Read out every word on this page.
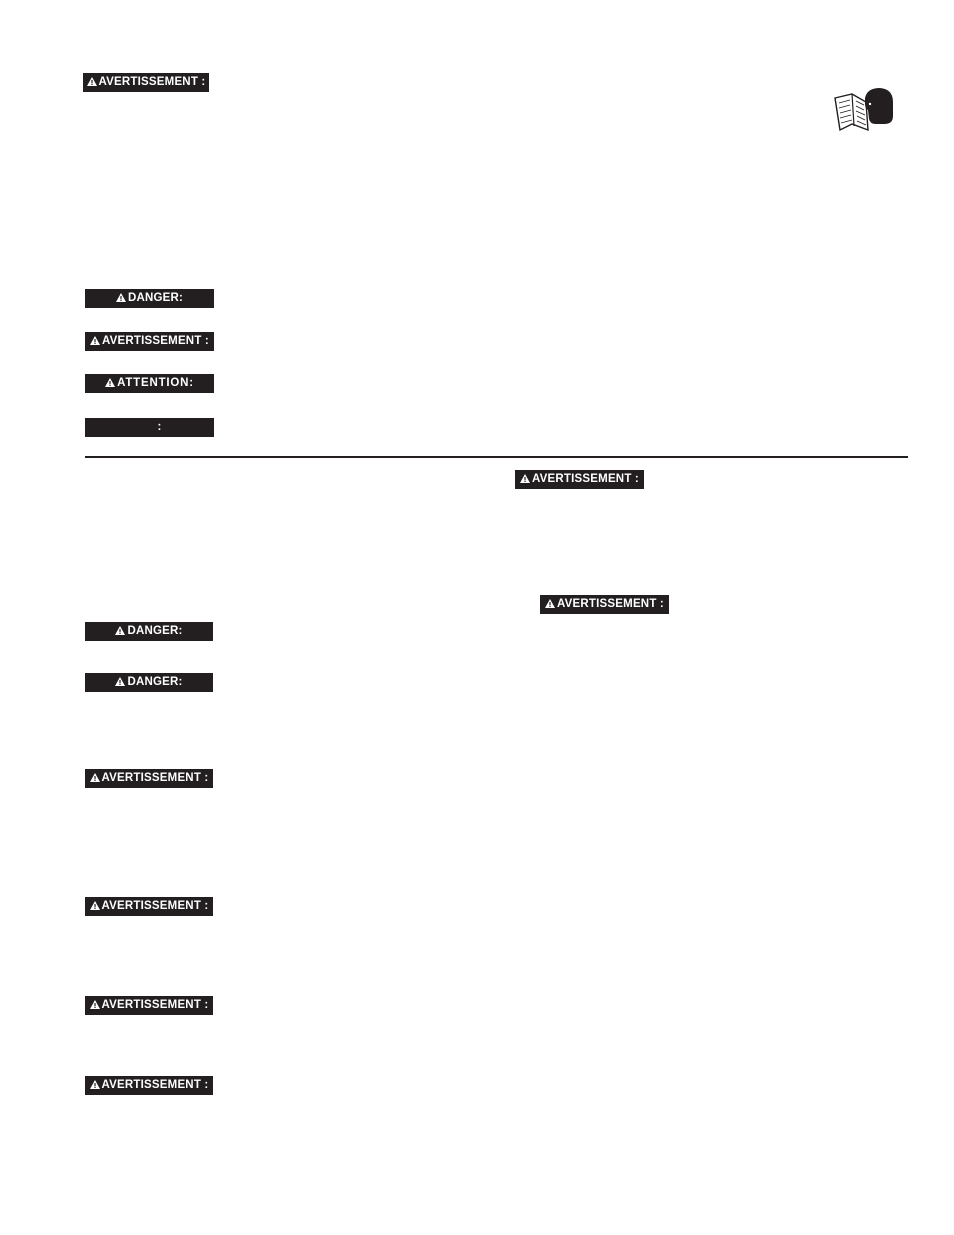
AVERTISSEMENT :
DANGER:
AVERTISSEMENT :
ATTENTION:
:
DANGER:
DANGER:
AVERTISSEMENT :
AVERTISSEMENT :
AVERTISSEMENT :
AVERTISSEMENT :
AVERTISSEMENT :
AVERTISSEMENT :
